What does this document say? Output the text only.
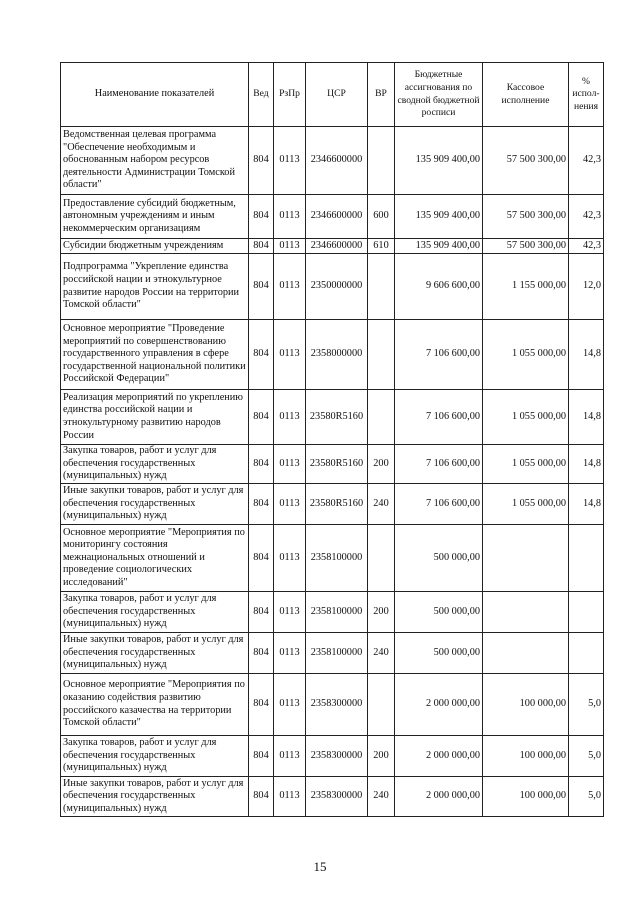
Наименование показателей	Вед	РзПр	ЦСР	ВР	Бюджетные ассигнования по сводной бюджетной росписи	Кассовое исполнение	% испол-нения
Ведомственная целевая программа "Обеспечение необходимым и обоснованным набором ресурсов деятельности Администрации Томской области"	804	0113	2346600000		135 909 400,00	57 500 300,00	42,3
Предоставление субсидий бюджетным, автономным учреждениям и иным некоммерческим организациям	804	0113	2346600000	600	135 909 400,00	57 500 300,00	42,3
Субсидии бюджетным учреждениям	804	0113	2346600000	610	135 909 400,00	57 500 300,00	42,3
Подпрограмма "Укрепление единства российской нации и этнокультурное развитие народов России на территории Томской области"	804	0113	2350000000		9 606 600,00	1 155 000,00	12,0
Основное мероприятие "Проведение мероприятий по совершенствованию государственного управления в сфере государственной национальной политики Российской Федерации"	804	0113	2358000000		7 106 600,00	1 055 000,00	14,8
Реализация мероприятий по укреплению единства российской нации и этнокультурному развитию народов России	804	0113	23580R5160		7 106 600,00	1 055 000,00	14,8
Закупка товаров, работ и услуг для обеспечения государственных (муниципальных) нужд	804	0113	23580R5160	200	7 106 600,00	1 055 000,00	14,8
Иные закупки товаров, работ и услуг для обеспечения государственных (муниципальных) нужд	804	0113	23580R5160	240	7 106 600,00	1 055 000,00	14,8
Основное мероприятие "Мероприятия по мониторингу состояния межнациональных отношений и проведение социологических исследований"	804	0113	2358100000		500 000,00		
Закупка товаров, работ и услуг для обеспечения государственных (муниципальных) нужд	804	0113	2358100000	200	500 000,00		
Иные закупки товаров, работ и услуг для обеспечения государственных (муниципальных) нужд	804	0113	2358100000	240	500 000,00		
Основное мероприятие "Мероприятия по оказанию содействия развитию российского казачества на территории Томской области"	804	0113	2358300000		2 000 000,00	100 000,00	5,0
Закупка товаров, работ и услуг для обеспечения государственных (муниципальных) нужд	804	0113	2358300000	200	2 000 000,00	100 000,00	5,0
Иные закупки товаров, работ и услуг для обеспечения государственных (муниципальных) нужд	804	0113	2358300000	240	2 000 000,00	100 000,00	5,0
15
